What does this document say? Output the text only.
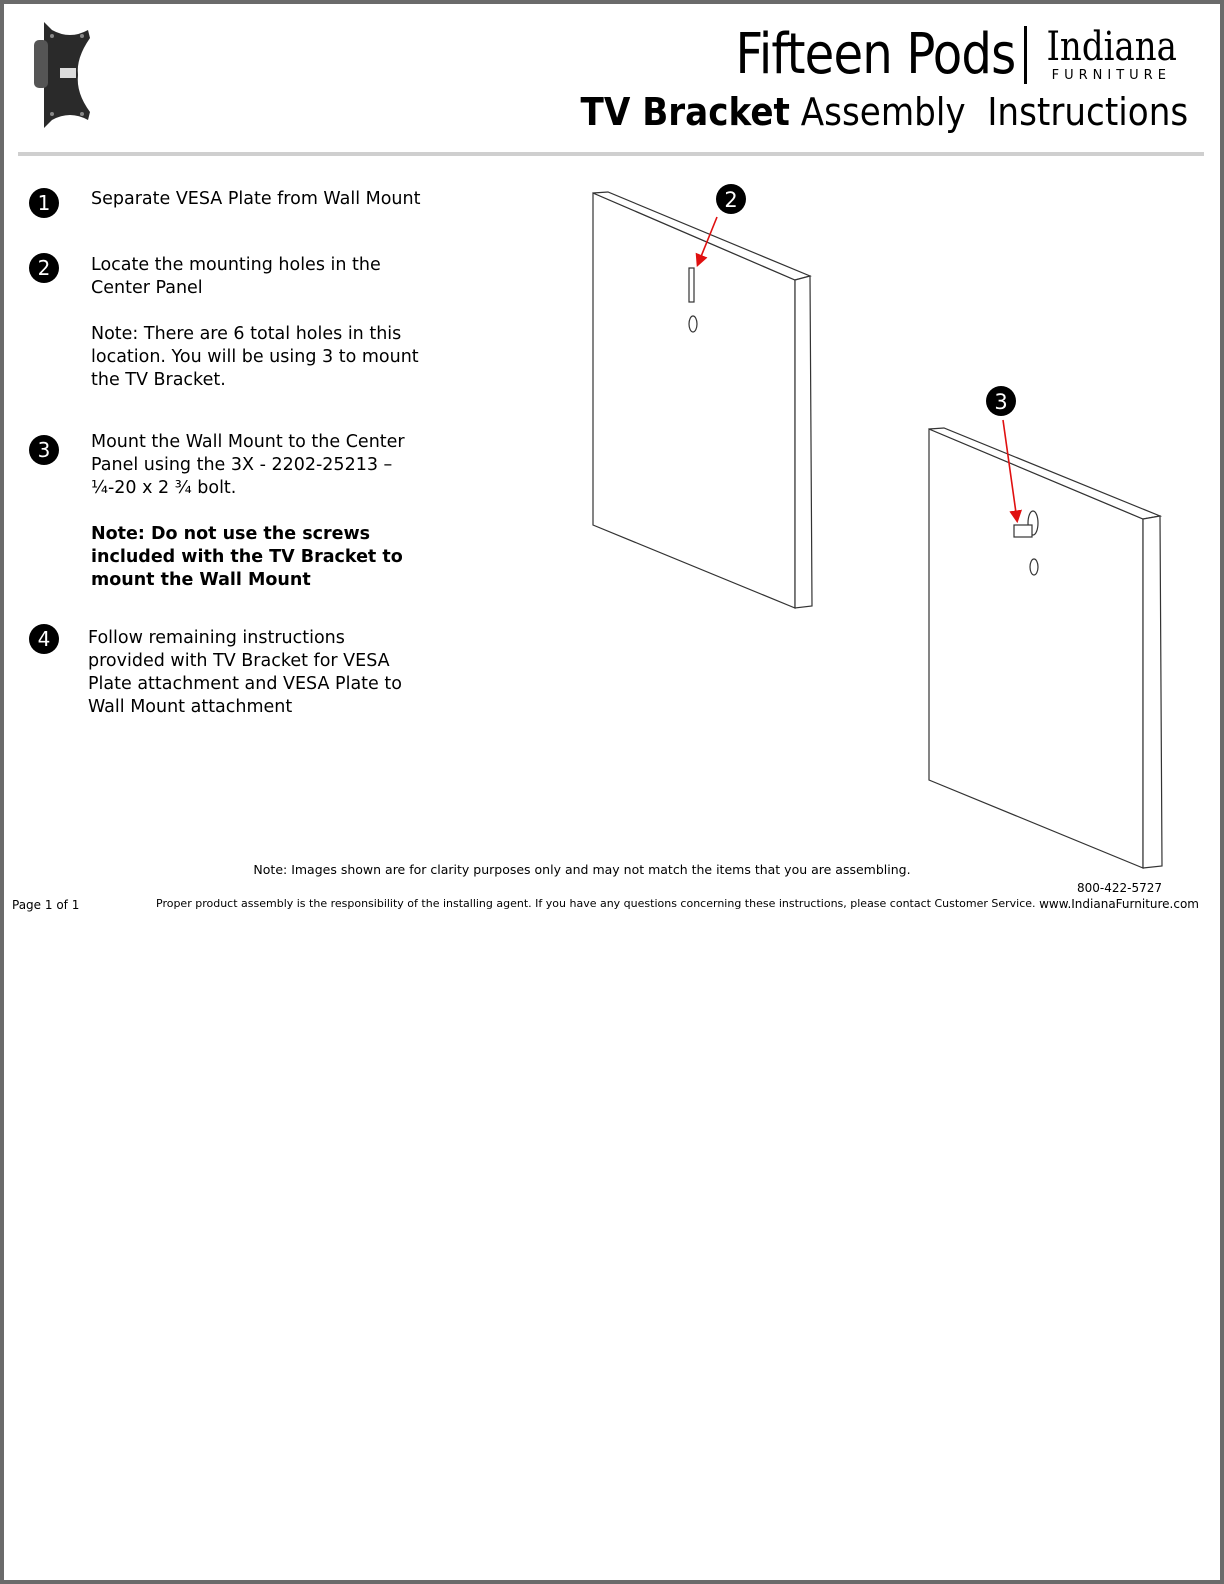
Fifteen Pods Indiana
FURNITURE
TV Bracket Assembly  Instructions
1	Separate VESA Plate from Wall Mount

2	Locate the mounting holes in the Center Panel

Note: There are 6 total holes in this location. You will be using 3 to mount the TV Bracket.

3	Mount the Wall Mount to the Center Panel using the 3X - 2202-25213 – ¼-20 x 2 ¾ bolt.

Note: Do not use the screws included with the TV Bracket to mount the Wall Mount

4	Follow remaining instructions provided with TV Bracket for VESA Plate attachment and VESA Plate to Wall Mount attachment

2
3
Note: Images shown are for clarity purposes only and may not match the items that you are assembling.
Page 1 of 1	Proper product assembly is the responsibility of the installing agent. If you have any questions concerning these instructions, please contact Customer Service.
800-422-5727
www.IndianaFurniture.com
